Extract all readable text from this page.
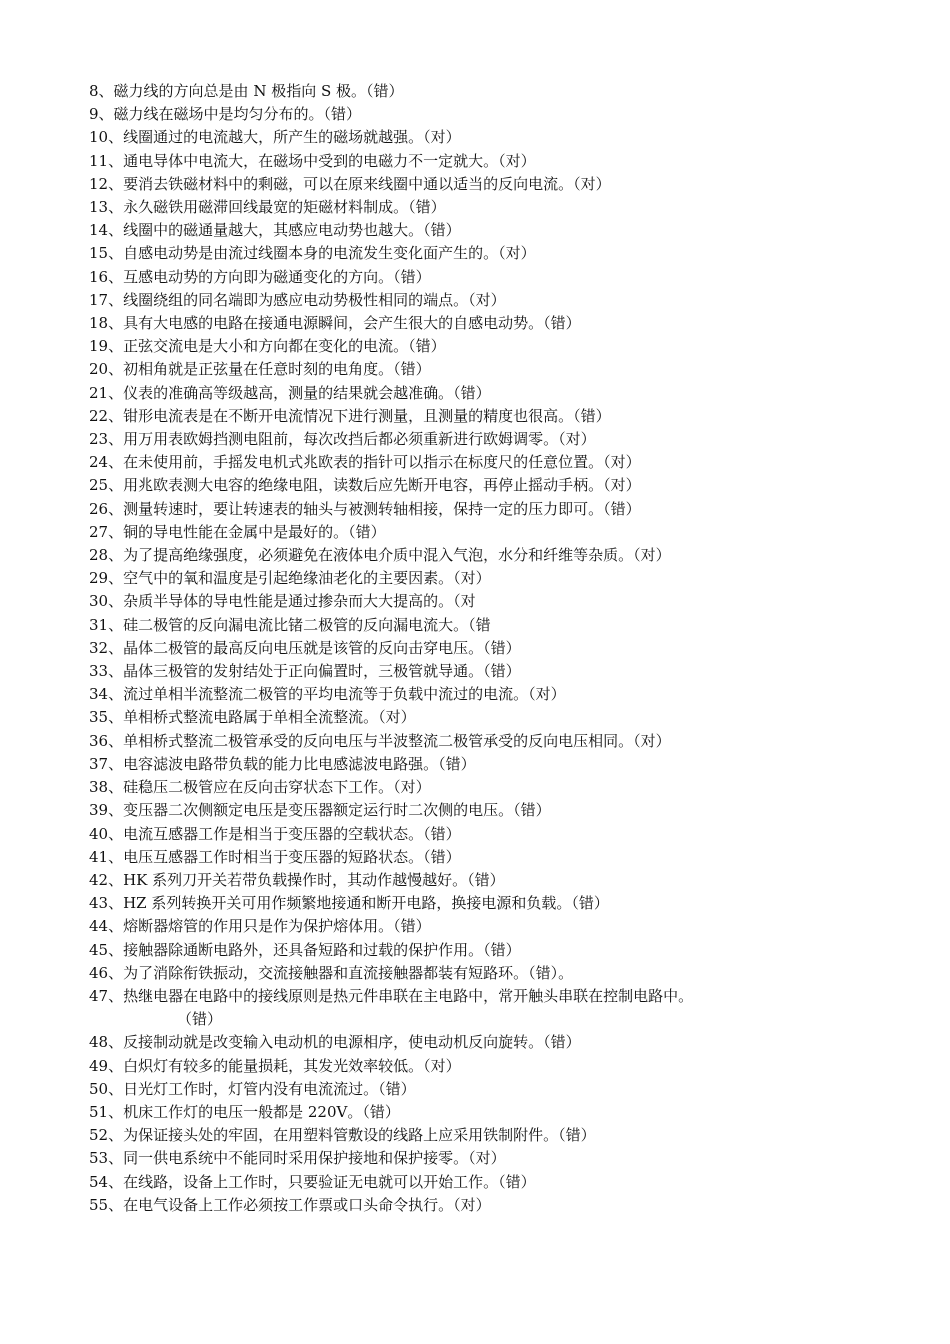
8、 磁力线的方向总是由 N 极指向 S 极。（错）
9、 磁力线在磁场中是均匀分布的。（错）
10、 线圈通过的电流越大，所产生的磁场就越强。（对）
11、 通电导体中电流大，在磁场中受到的电磁力不一定就大。（对）
12、 要消去铁磁材料中的剩磁，可以在原来线圈中通以适当的反向电流。（对）
13、 永久磁铁用磁滞回线最宽的矩磁材料制成。（错）
14、 线圈中的磁通量越大，其感应电动势也越大。（错）
15、 自感电动势是由流过线圈本身的电流发生变化面产生的。（对）
16、 互感电动势的方向即为磁通变化的方向。（错）
17、 线圈绕组的同名端即为感应电动势极性相同的端点。（对）
18、 具有大电感的电路在接通电源瞬间，会产生很大的自感电动势。（错）
19、 正弦交流电是大小和方向都在变化的电流。（错）
20、 初相角就是正弦量在任意时刻的电角度。（错）
21、 仪表的准确高等级越高，测量的结果就会越准确。（错）
22、 钳形电流表是在不断开电流情况下进行测量，且测量的精度也很高。（错）
23、 用万用表欧姆挡测电阻前，每次改挡后都必须重新进行欧姆调零。（对）
24、 在未使用前，手摇发电机式兆欧表的指针可以指示在标度尺的任意位置。（对）
25、 用兆欧表测大电容的绝缘电阻，读数后应先断开电容，再停止摇动手柄。（对）
26、 测量转速时，要让转速表的轴头与被测转轴相接，保持一定的压力即可。（错）
27、 铜的导电性能在金属中是最好的。（错）
28、 为了提高绝缘强度，必须避免在液体电介质中混入气泡，水分和纤维等杂质。（对）
29、 空气中的氧和温度是引起绝缘油老化的主要因素。（对）
30、 杂质半导体的导电性能是通过掺杂而大大提高的。（对
31、 硅二极管的反向漏电流比锗二极管的反向漏电流大。（错
32、 晶体二极管的最高反向电压就是该管的反向击穿电压。（错）
33、 晶体三极管的发射结处于正向偏置时，三极管就导通。（错）
34、 流过单相半流整流二极管的平均电流等于负载中流过的电流。（对）
35、 单相桥式整流电路属于单相全流整流。（对）
36、 单相桥式整流二极管承受的反向电压与半波整流二极管承受的反向电压相同。（对）
37、 电容滤波电路带负载的能力比电感滤波电路强。（错）
38、 硅稳压二极管应在反向击穿状态下工作。（对）
39、 变压器二次侧额定电压是变压器额定运行时二次侧的电压。（错）
40、 电流互感器工作是相当于变压器的空载状态。（错）
41、 电压互感器工作时相当于变压器的短路状态。（错）
42、 HK 系列刀开关若带负载操作时，其动作越慢越好。（错）
43、 HZ 系列转换开关可用作频繁地接通和断开电路，换接电源和负载。（错）
44、 熔断器熔管的作用只是作为保护熔体用。（错）
45、 接触器除通断电路外，还具备短路和过载的保护作用。（错）
46、 为了消除衔铁振动，交流接触器和直流接触器都装有短路环。（错）。
47、 热继电器在电路中的接线原则是热元件串联在主电路中，常开触头串联在控制电路中。
（错）
48、 反接制动就是改变输入电动机的电源相序，使电动机反向旋转。（错）
49、 白炽灯有较多的能量损耗，其发光效率较低。（对）
50、 日光灯工作时，灯管内没有电流流过。（错）
51、 机床工作灯的电压一般都是 220V。（错）
52、 为保证接头处的牢固，在用塑料管敷设的线路上应采用铁制附件。（错）
53、 同一供电系统中不能同时采用保护接地和保护接零。（对）
54、 在线路，设备上工作时，只要验证无电就可以开始工作。（错）
55、 在电气设备上工作必须按工作票或口头命令执行。（对）
